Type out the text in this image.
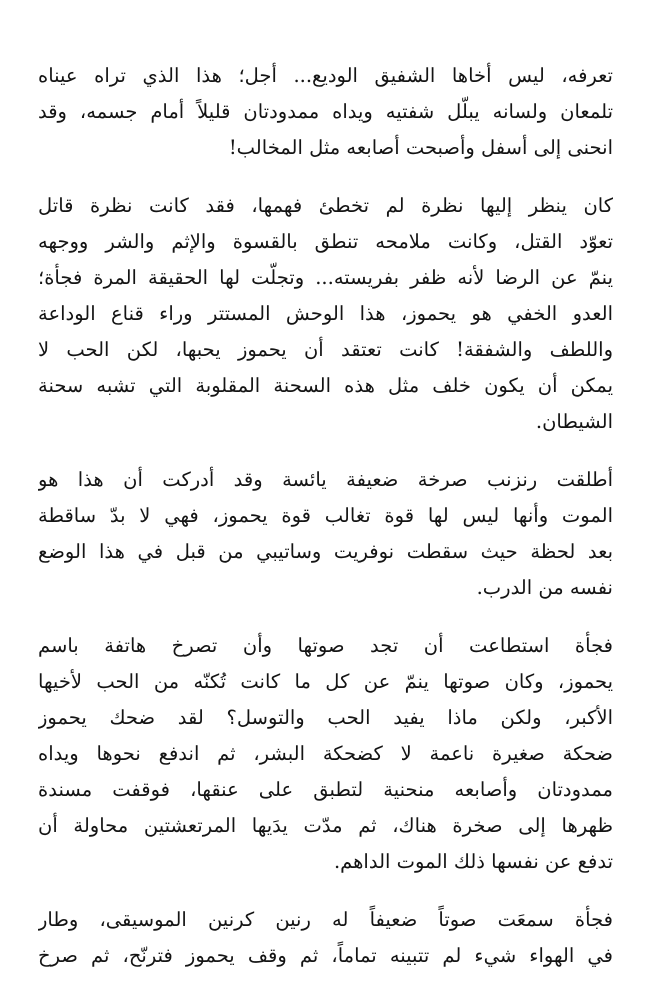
تعرفه، ليس أخاها الشفيق الوديع... أجل؛ هذا الذي تراه عيناه
تلمعان ولسانه يبلّل شفتيه ويداه ممدودتان قليلاً أمام جسمه، وقد
انحنى إلى أسفل وأصبحت أصابعه مثل المخالب!
كان ينظر إليها نظرة لم تخطئ فهمها، فقد كانت نظرة قاتل
تعوّد القتل، وكانت ملامحه تنطق بالقسوة والإثم والشر ووجهه
ينمّ عن الرضا لأنه ظفر بفريسته... وتجلّت لها الحقيقة المرة فجأة؛
العدو الخفي هو يحموز، هذا الوحش المستتر وراء قناع الوداعة
واللطف والشفقة! كانت تعتقد أن يحموز يحبها، لكن الحب لا
يمكن أن يكون خلف مثل هذه السحنة المقلوبة التي تشبه سحنة
الشيطان.
أطلقت رنزنب صرخة ضعيفة يائسة وقد أدركت أن هذا هو
الموت وأنها ليس لها قوة تغالب قوة يحموز، فهي لا بدّ ساقطة
بعد لحظة حيث سقطت نوفريت وساتيبي من قبل في هذا الوضع
نفسه من الدرب.
فجأة استطاعت أن تجد صوتها وأن تصرخ هاتفة باسم
يحموز، وكان صوتها ينمّ عن كل ما كانت تُكنّه من الحب لأخيها
الأكبر، ولكن ماذا يفيد الحب والتوسل؟ لقد ضحك يحموز
ضحكة صغيرة ناعمة لا كضحكة البشر، ثم اندفع نحوها ويداه
ممدودتان وأصابعه منحنية لتطبق على عنقها، فوقفت مسندة
ظهرها إلى صخرة هناك، ثم مدّت يدَيها المرتعشتين محاولة أن
تدفع عن نفسها ذلك الموت الداهم.
فجأة سمعَت صوتاً ضعيفاً له رنين كرنين الموسيقى، وطار
في الهواء شيء لم تتبينه تماماً، ثم وقف يحموز فترنّح، ثم صرخ
